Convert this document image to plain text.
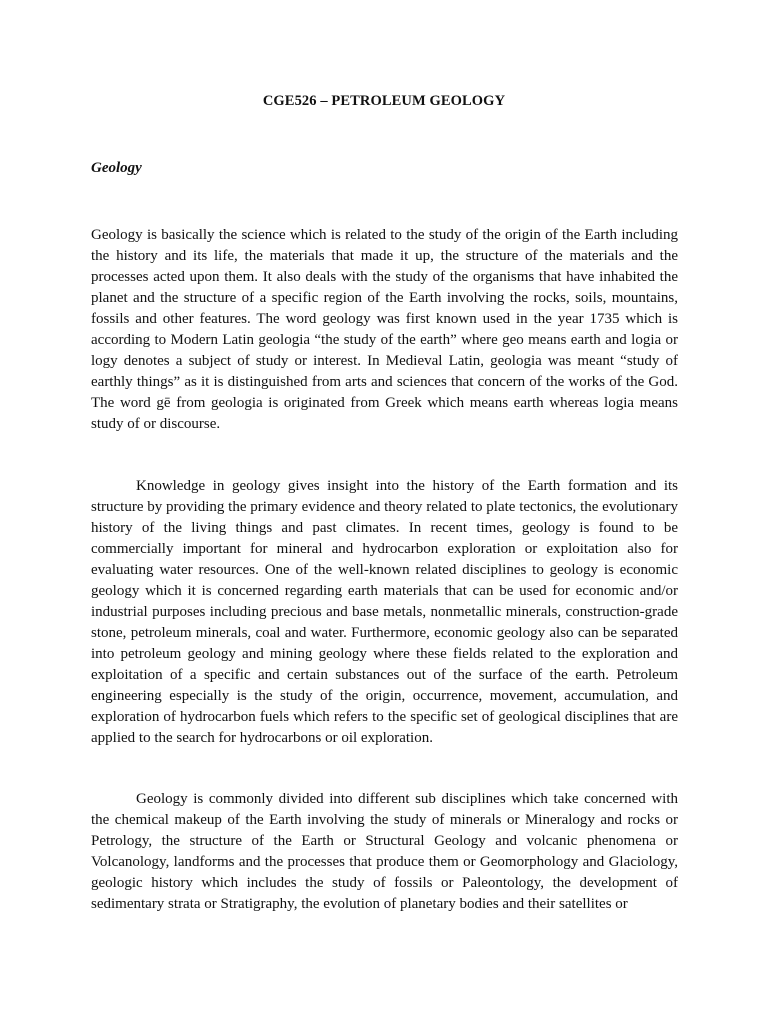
CGE526 – PETROLEUM GEOLOGY
Geology

Geology is basically the science which is related to the study of the origin of the Earth including the history and its life, the materials that made it up, the structure of the materials and the processes acted upon them. It also deals with the study of the organisms that have inhabited the planet and the structure of a specific region of the Earth involving the rocks, soils, mountains, fossils and other features. The word geology was first known used in the year 1735 which is according to Modern Latin geologia “the study of the earth” where geo means earth and logia or logy denotes a subject of study or interest. In Medieval Latin, geologia was meant “study of earthly things” as it is distinguished from arts and sciences that concern of the works of the God. The word gē from geologia is originated from Greek which means earth whereas logia means study of or discourse.

Knowledge in geology gives insight into the history of the Earth formation and its structure by providing the primary evidence and theory related to plate tectonics, the evolutionary history of the living things and past climates. In recent times, geology is found to be commercially important for mineral and hydrocarbon exploration or exploitation also for evaluating water resources. One of the well-known related disciplines to geology is economic geology which it is concerned regarding earth materials that can be used for economic and/or industrial purposes including precious and base metals, nonmetallic minerals, construction-grade stone, petroleum minerals, coal and water. Furthermore, economic geology also can be separated into petroleum geology and mining geology where these fields related to the exploration and exploitation of a specific and certain substances out of the surface of the earth. Petroleum engineering especially is the study of the origin, occurrence, movement, accumulation, and exploration of hydrocarbon fuels which refers to the specific set of geological disciplines that are applied to the search for hydrocarbons or oil exploration.

Geology is commonly divided into different sub disciplines which take concerned with the chemical makeup of the Earth involving the study of minerals or Mineralogy and rocks or Petrology, the structure of the Earth or Structural Geology and volcanic phenomena or Volcanology, landforms and the processes that produce them or Geomorphology and Glaciology, geologic history which includes the study of fossils or Paleontology, the development of sedimentary strata or Stratigraphy, the evolution of planetary bodies and their satellites or
